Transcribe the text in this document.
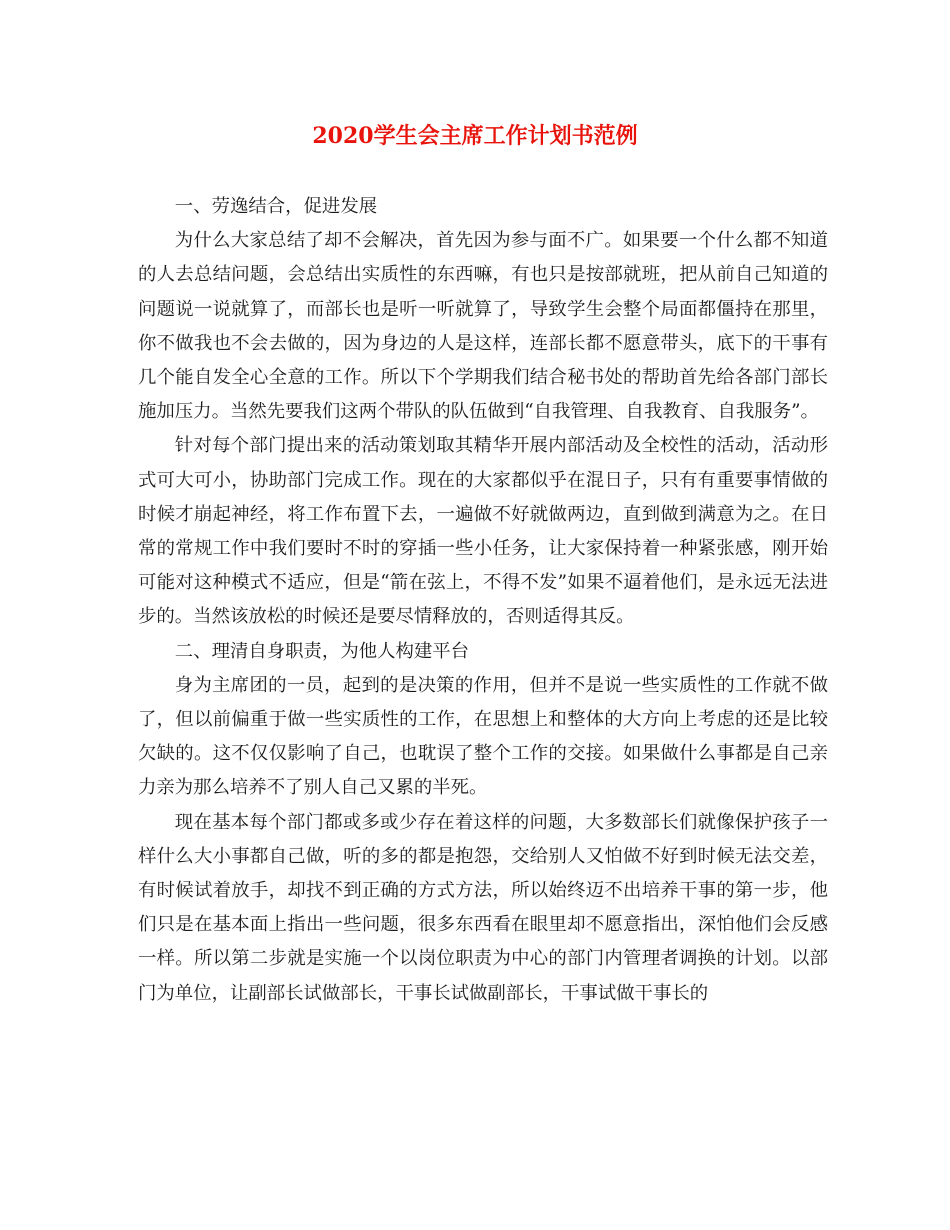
2020学生会主席工作计划书范例

一、劳逸结合，促进发展

为什么大家总结了却不会解决，首先因为参与面不广。如果要一个什么都不知道的人去总结问题，会总结出实质性的东西嘛，有也只是按部就班，把从前自己知道的问题说一说就算了，而部长也是听一听就算了，导致学生会整个局面都僵持在那里，你不做我也不会去做的，因为身边的人是这样，连部长都不愿意带头，底下的干事有几个能自发全心全意的工作。所以下个学期我们结合秘书处的帮助首先给各部门部长施加压力。当然先要我们这两个带队的队伍做到“自我管理、自我教育、自我服务”。

针对每个部门提出来的活动策划取其精华开展内部活动及全校性的活动，活动形式可大可小，协助部门完成工作。现在的大家都似乎在混日子，只有有重要事情做的时候才崩起神经，将工作布置下去，一遍做不好就做两边，直到做到满意为之。在日常的常规工作中我们要时不时的穿插一些小任务，让大家保持着一种紧张感，刚开始可能对这种模式不适应，但是“箭在弦上，不得不发”如果不逼着他们，是永远无法进步的。当然该放松的时候还是要尽情释放的，否则适得其反。

二、理清自身职责，为他人构建平台

身为主席团的一员，起到的是决策的作用，但并不是说一些实质性的工作就不做了，但以前偏重于做一些实质性的工作，在思想上和整体的大方向上考虑的还是比较欠缺的。这不仅仅影响了自己，也耽误了整个工作的交接。如果做什么事都是自己亲力亲为那么培养不了别人自己又累的半死。

现在基本每个部门都或多或少存在着这样的问题，大多数部长们就像保护孩子一样什么大小事都自己做，听的多的都是抱怨，交给别人又怕做不好到时候无法交差，有时候试着放手，却找不到正确的方式方法，所以始终迈不出培养干事的第一步，他们只是在基本面上指出一些问题，很多东西看在眼里却不愿意指出，深怕他们会反感一样。所以第二步就是实施一个以岗位职责为中心的部门内管理者调换的计划。以部门为单位，让副部长试做部长，干事长试做副部长，干事试做干事长的
